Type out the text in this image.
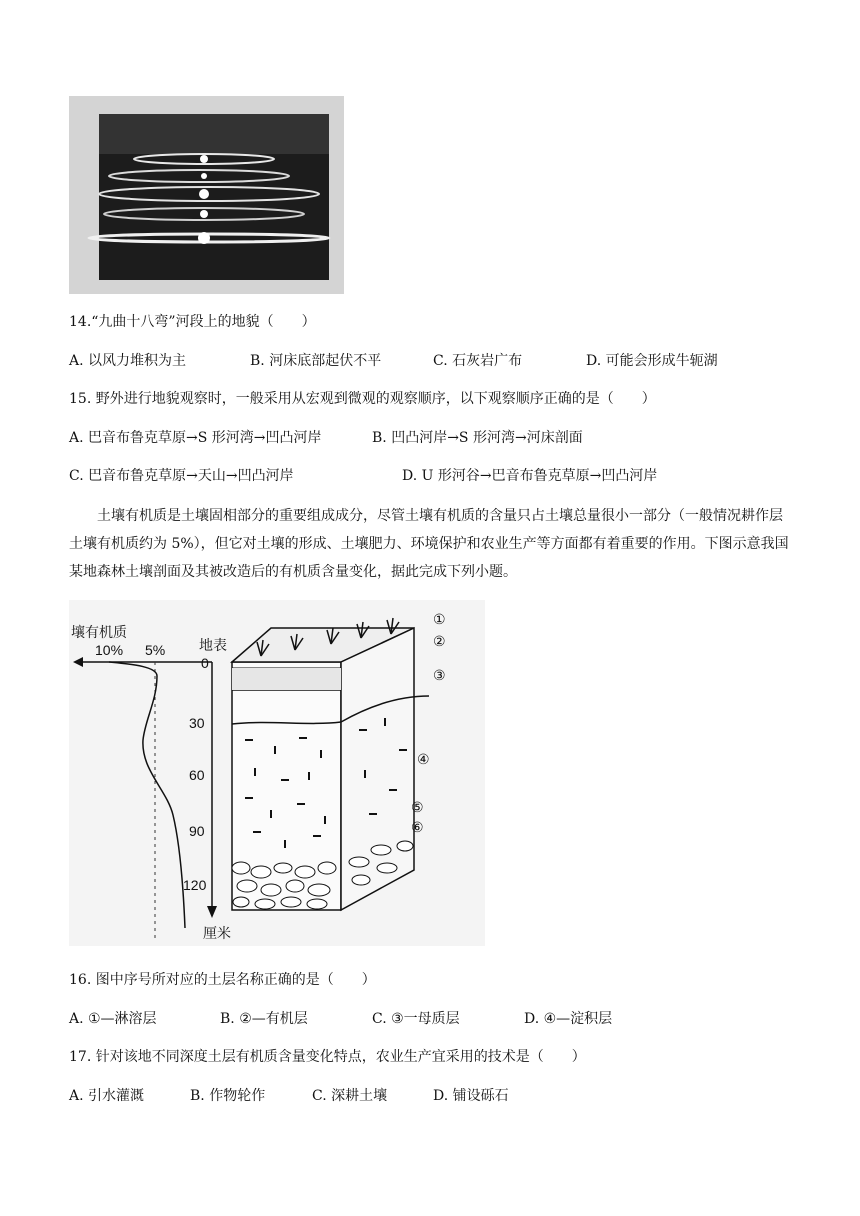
14.“九曲十八弯”河段上的地貌（　　）
A. 以风力堆积为主	B. 河床底部起伏不平	C. 石灰岩广布	D. 可能会形成牛轭湖
15. 野外进行地貌观察时，一般采用从宏观到微观的观察顺序，以下观察顺序正确的是（　　）
A. 巴音布鲁克草原→S 形河湾→凹凸河岸	B. 凹凸河岸→S 形河湾→河床剖面
C. 巴音布鲁克草原→天山→凹凸河岸	D. U 形河谷→巴音布鲁克草原→凹凸河岸
土壤有机质是土壤固相部分的重要组成成分，尽管土壤有机质的含量只占土壤总量很小一部分（一般情况耕作层土壤有机质约为 5%），但它对土壤的形成、土壤肥力、环境保护和农业生产等方面都有着重要的作用。下图示意我国某地森林土壤剖面及其被改造后的有机质含量变化，据此完成下列小题。
壤有机质
10% 5% 地表
0
30
60
90
120
厘米
①
②
③
④
⑤
⑥
16. 图中序号所对应的土层名称正确的是（　　）
A. ①—淋溶层	B. ②—有机层	C. ③一母质层	D. ④—淀积层
17. 针对该地不同深度土层有机质含量变化特点，农业生产宜采用的技术是（　　）
A. 引水灌溉	B. 作物轮作	C. 深耕土壤	D. 铺设砾石
